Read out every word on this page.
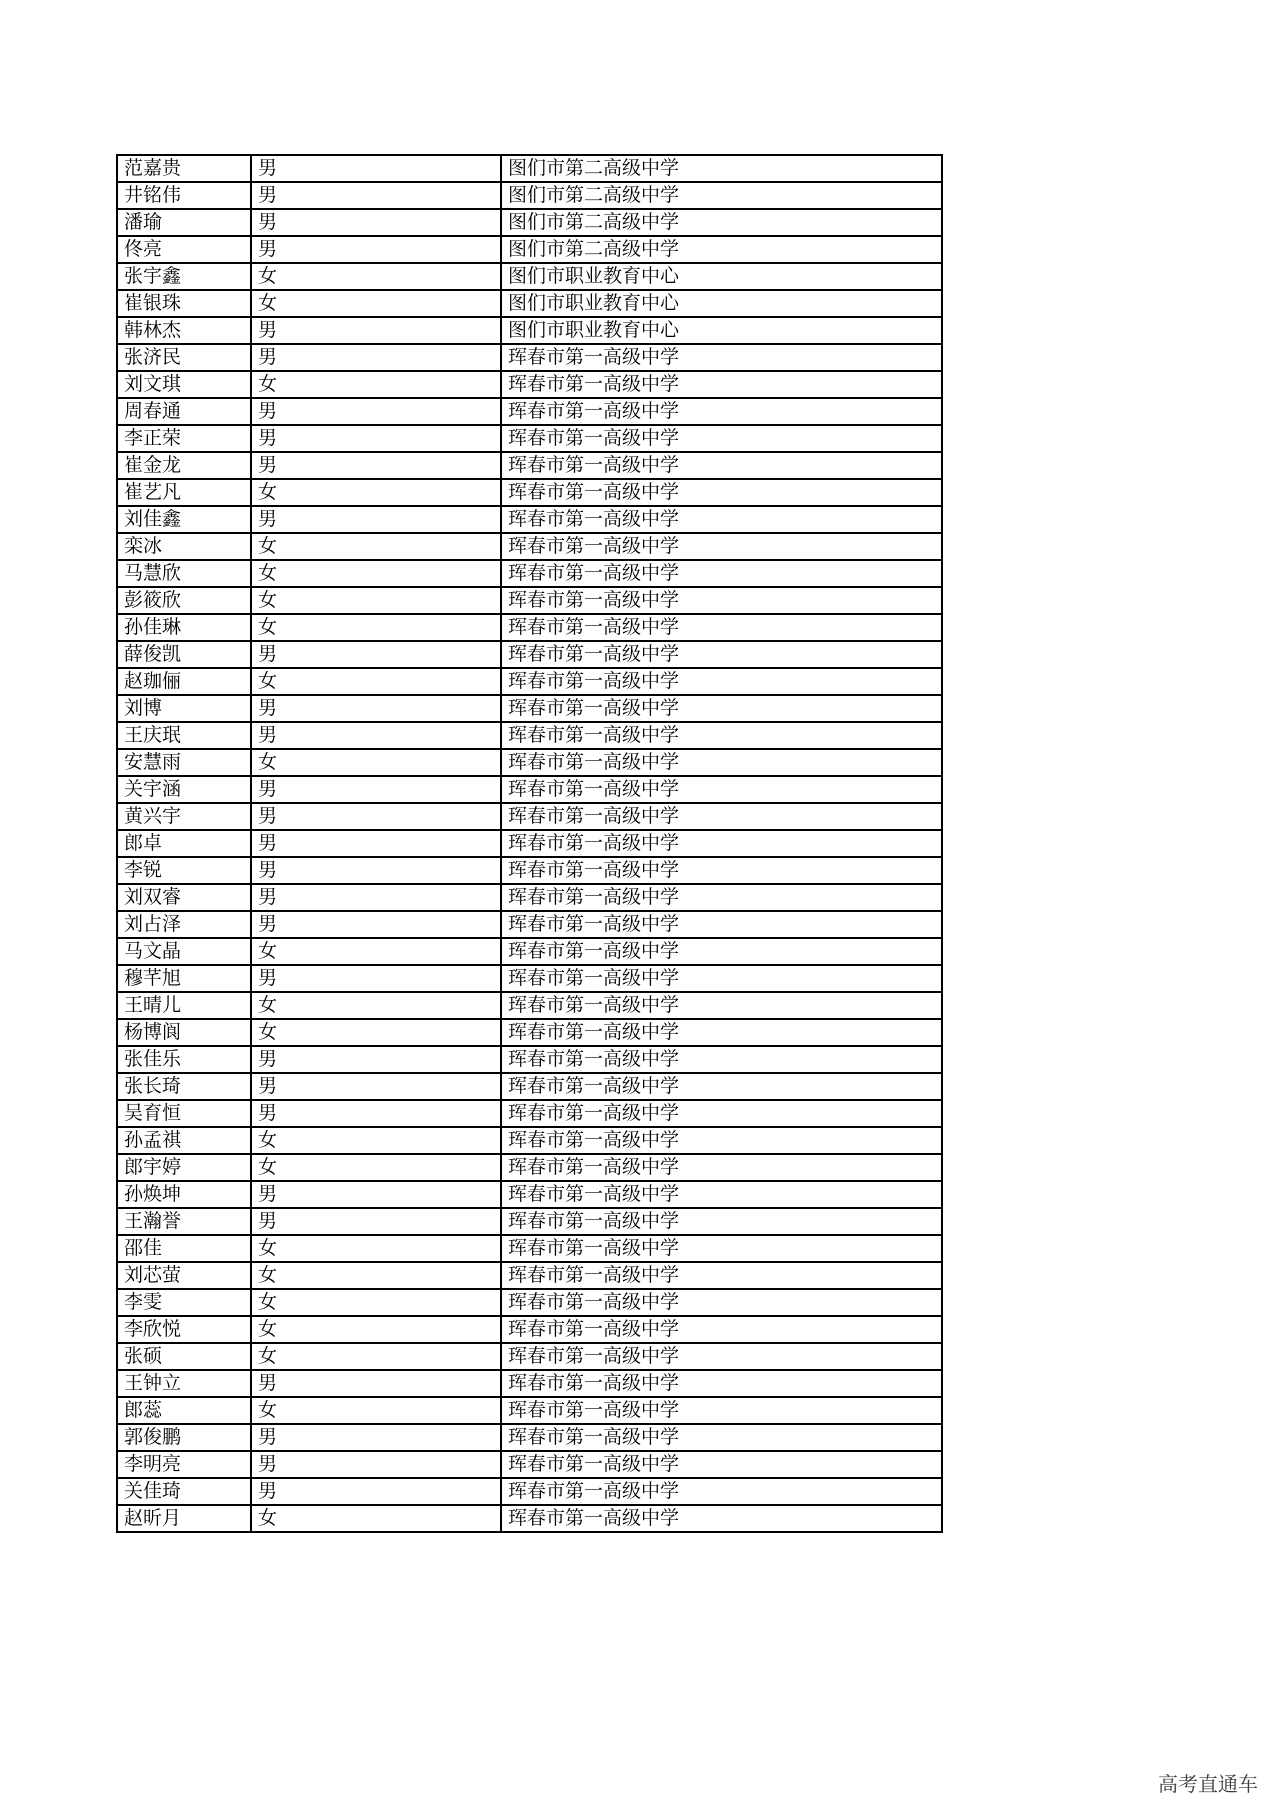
范嘉贵	男	图们市第二高级中学
井铭伟	男	图们市第二高级中学
潘瑜	男	图们市第二高级中学
佟亮	男	图们市第二高级中学
张宇鑫	女	图们市职业教育中心
崔银珠	女	图们市职业教育中心
韩林杰	男	图们市职业教育中心
张济民	男	珲春市第一高级中学
刘文琪	女	珲春市第一高级中学
周春通	男	珲春市第一高级中学
李正荣	男	珲春市第一高级中学
崔金龙	男	珲春市第一高级中学
崔艺凡	女	珲春市第一高级中学
刘佳鑫	男	珲春市第一高级中学
栾冰	女	珲春市第一高级中学
马慧欣	女	珲春市第一高级中学
彭筱欣	女	珲春市第一高级中学
孙佳琳	女	珲春市第一高级中学
薛俊凯	男	珲春市第一高级中学
赵珈俪	女	珲春市第一高级中学
刘博	男	珲春市第一高级中学
王庆珉	男	珲春市第一高级中学
安慧雨	女	珲春市第一高级中学
关宇涵	男	珲春市第一高级中学
黄兴宇	男	珲春市第一高级中学
郎卓	男	珲春市第一高级中学
李锐	男	珲春市第一高级中学
刘双睿	男	珲春市第一高级中学
刘占泽	男	珲春市第一高级中学
马文晶	女	珲春市第一高级中学
穆芊旭	男	珲春市第一高级中学
王晴儿	女	珲春市第一高级中学
杨博阆	女	珲春市第一高级中学
张佳乐	男	珲春市第一高级中学
张长琦	男	珲春市第一高级中学
吴育恒	男	珲春市第一高级中学
孙孟祺	女	珲春市第一高级中学
郎宇婷	女	珲春市第一高级中学
孙焕坤	男	珲春市第一高级中学
王瀚誉	男	珲春市第一高级中学
邵佳	女	珲春市第一高级中学
刘芯萤	女	珲春市第一高级中学
李雯	女	珲春市第一高级中学
李欣悦	女	珲春市第一高级中学
张硕	女	珲春市第一高级中学
王钟立	男	珲春市第一高级中学
郎蕊	女	珲春市第一高级中学
郭俊鹏	男	珲春市第一高级中学
李明亮	男	珲春市第一高级中学
关佳琦	男	珲春市第一高级中学
赵昕月	女	珲春市第一高级中学
高考直通车
